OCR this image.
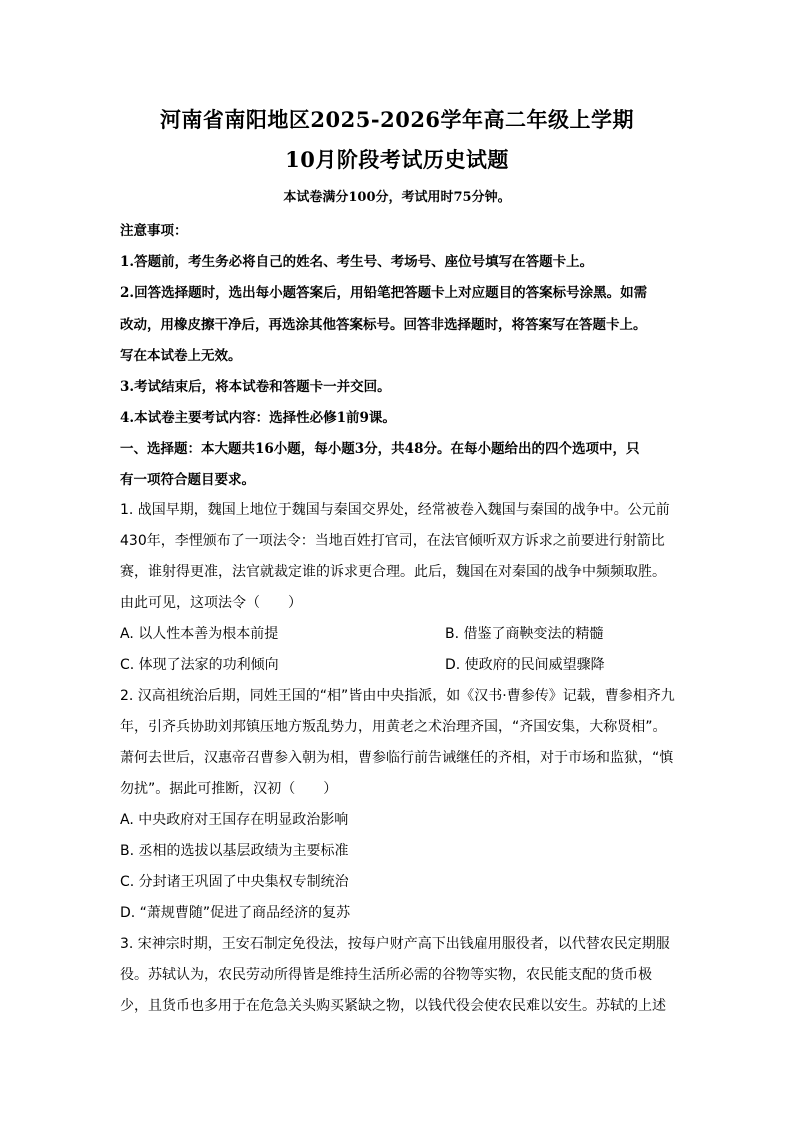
河南省南阳地区2025-2026学年高二年级上学期
10月阶段考试历史试题
本试卷满分100分，考试用时75分钟。
注意事项：
1.答题前，考生务必将自己的姓名、考生号、考场号、座位号填写在答题卡上。
2.回答选择题时，选出每小题答案后，用铅笔把答题卡上对应题目的答案标号涂黑。如需
改动，用橡皮擦干净后，再选涂其他答案标号。回答非选择题时，将答案写在答题卡上。
写在本试卷上无效。
3.考试结束后，将本试卷和答题卡一并交回。
4.本试卷主要考试内容：选择性必修1前9课。
一、选择题：本大题共16小题，每小题3分，共48分。在每小题给出的四个选项中，只
有一项符合题目要求。
1. 战国早期，魏国上地位于魏国与秦国交界处，经常被卷入魏国与秦国的战争中。公元前
430年，李悝颁布了一项法令：当地百姓打官司，在法官倾听双方诉求之前要进行射箭比
赛，谁射得更准，法官就裁定谁的诉求更合理。此后，魏国在对秦国的战争中频频取胜。
由此可见，这项法令（　　）
A. 以人性本善为根本前提	B. 借鉴了商鞅变法的精髓
C. 体现了法家的功利倾向	D. 使政府的民间威望骤降
2. 汉高祖统治后期，同姓王国的“相”皆由中央指派，如《汉书·曹参传》记载，曹参相齐九
年，引齐兵协助刘邦镇压地方叛乱势力，用黄老之术治理齐国，“齐国安集，大称贤相”。
萧何去世后，汉惠帝召曹参入朝为相，曹参临行前告诫继任的齐相，对于市场和监狱，“慎
勿扰”。据此可推断，汉初（　　）
A. 中央政府对王国存在明显政治影响
B. 丞相的选拔以基层政绩为主要标准
C. 分封诸王巩固了中央集权专制统治
D. “萧规曹随”促进了商品经济的复苏
3. 宋神宗时期，王安石制定免役法，按每户财产高下出钱雇用服役者，以代替农民定期服
役。苏轼认为，农民劳动所得皆是维持生活所必需的谷物等实物，农民能支配的货币极
少，且货币也多用于在危急关头购买紧缺之物，以钱代役会使农民难以安生。苏轼的上述
